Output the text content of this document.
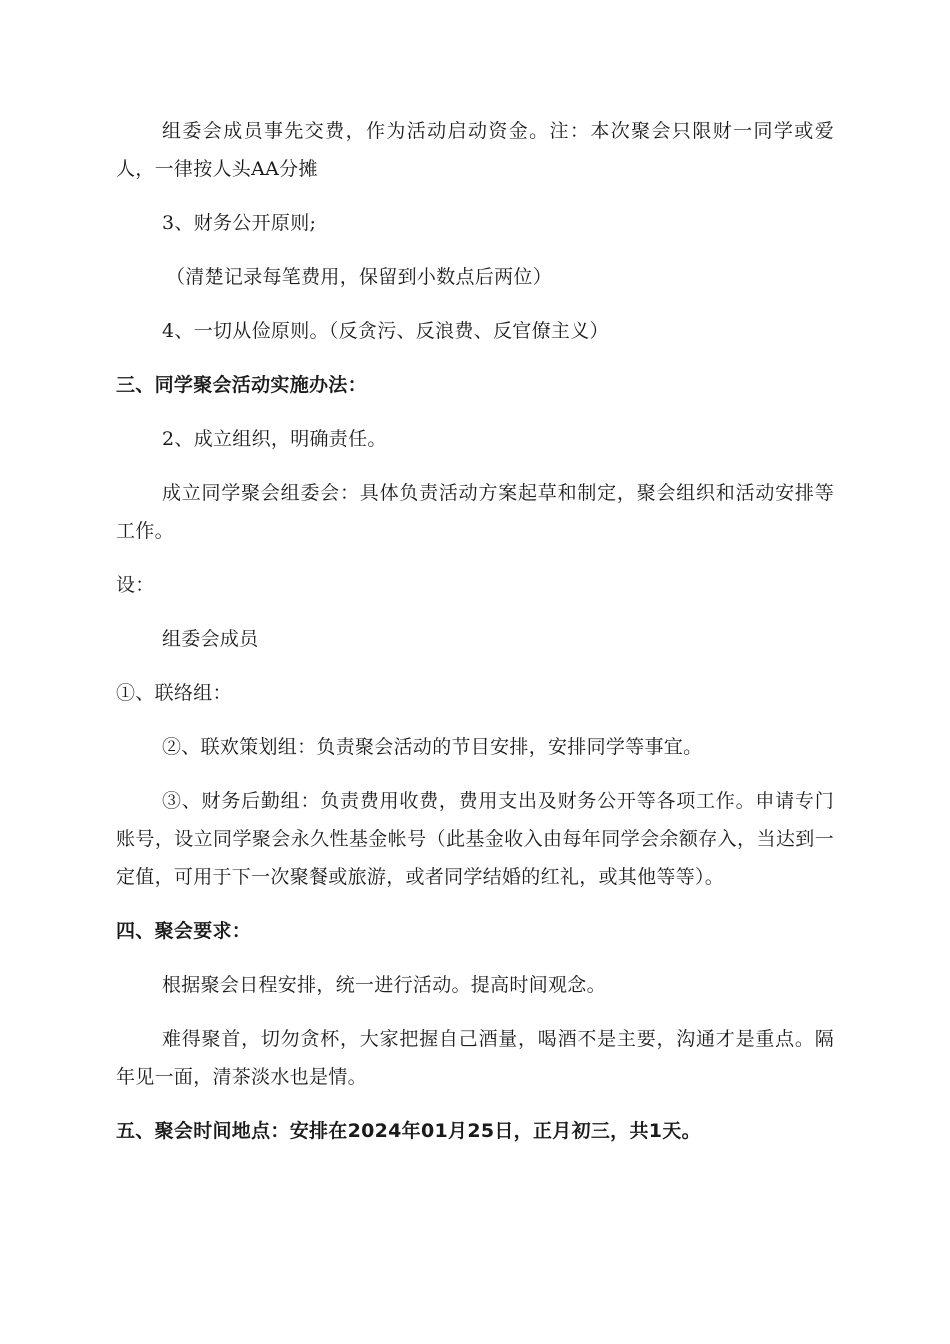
组委会成员事先交费，作为活动启动资金。注：本次聚会只限财一同学或爱人，一律按人头AA分摊

3、财务公开原则;

（清楚记录每笔费用，保留到小数点后两位）

4、一切从俭原则。（反贪污、反浪费、反官僚主义）

三、同学聚会活动实施办法：

2、成立组织，明确责任。

成立同学聚会组委会：具体负责活动方案起草和制定，聚会组织和活动安排等工作。

设：

组委会成员

①、联络组：

②、联欢策划组：负责聚会活动的节目安排，安排同学等事宜。

③、财务后勤组：负责费用收费，费用支出及财务公开等各项工作。申请专门账号，设立同学聚会永久性基金帐号（此基金收入由每年同学会余额存入，当达到一定值，可用于下一次聚餐或旅游，或者同学结婚的红礼，或其他等等）。

四、聚会要求：

根据聚会日程安排，统一进行活动。提高时间观念。

难得聚首，切勿贪杯，大家把握自己酒量，喝酒不是主要，沟通才是重点。隔年见一面，清茶淡水也是情。

五、聚会时间地点：安排在2024年01月25日，正月初三，共1天。
